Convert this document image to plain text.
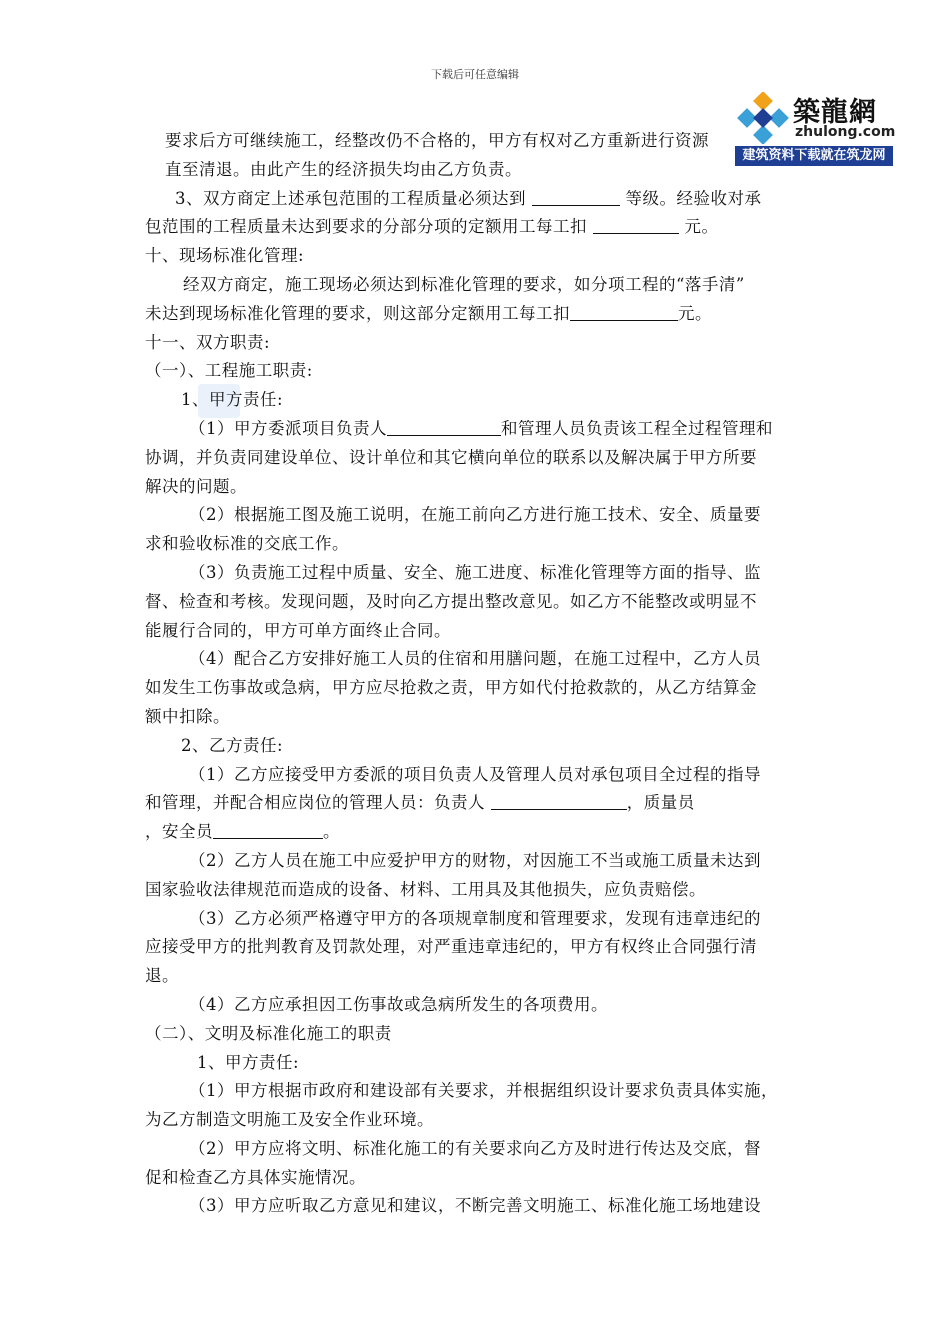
下载后可任意编辑
築龍網
zhulong.com
建筑资料下载就在筑龙网

要求后方可继续施工，经整改仍不合格的，甲方有权对乙方重新进行资源

直至清退。由此产生的经济损失均由乙方负责。

3、双方商定上述承包范围的工程质量必须达到	等级。经验收对承

包范围的工程质量未达到要求的分部分项的定额用工每工扣	元。

十、现场标准化管理:

经双方商定，施工现场必须达到标准化管理的要求，如分项工程的“落手清”

未达到现场标准化管理的要求，则这部分定额用工每工扣	元。

十一、双方职责:

（一）、工程施工职责:

1、甲方责任:

（1）甲方委派项目负责人	和管理人员负责该工程全过程管理和

协调，并负责同建设单位、设计单位和其它横向单位的联系以及解决属于甲方所要

解决的问题。

（2）根据施工图及施工说明，在施工前向乙方进行施工技术、安全、质量要

求和验收标准的交底工作。

（3）负责施工过程中质量、安全、施工进度、标准化管理等方面的指导、监

督、检查和考核。发现问题，及时向乙方提出整改意见。如乙方不能整改或明显不

能履行合同的，甲方可单方面终止合同。

（4）配合乙方安排好施工人员的住宿和用膳问题，在施工过程中，乙方人员

如发生工伤事故或急病，甲方应尽抢救之责，甲方如代付抢救款的，从乙方结算金

额中扣除。

2、乙方责任:

（1）乙方应接受甲方委派的项目负责人及管理人员对承包项目全过程的指导

和管理，并配合相应岗位的管理人员：负责人	，质量员

，安全员	。

（2）乙方人员在施工中应爱护甲方的财物，对因施工不当或施工质量未达到

国家验收法律规范而造成的设备、材料、工用具及其他损失，应负责赔偿。

（3）乙方必须严格遵守甲方的各项规章制度和管理要求，发现有违章违纪的

应接受甲方的批判教育及罚款处理，对严重违章违纪的，甲方有权终止合同强行清

退。

（4）乙方应承担因工伤事故或急病所发生的各项费用。

（二）、文明及标准化施工的职责

1、甲方责任:

（1）甲方根据市政府和建设部有关要求，并根据组织设计要求负责具体实施，

为乙方制造文明施工及安全作业环境。

（2）甲方应将文明、标准化施工的有关要求向乙方及时进行传达及交底，督

促和检查乙方具体实施情况。

（3）甲方应听取乙方意见和建议，不断完善文明施工、标准化施工场地建设
